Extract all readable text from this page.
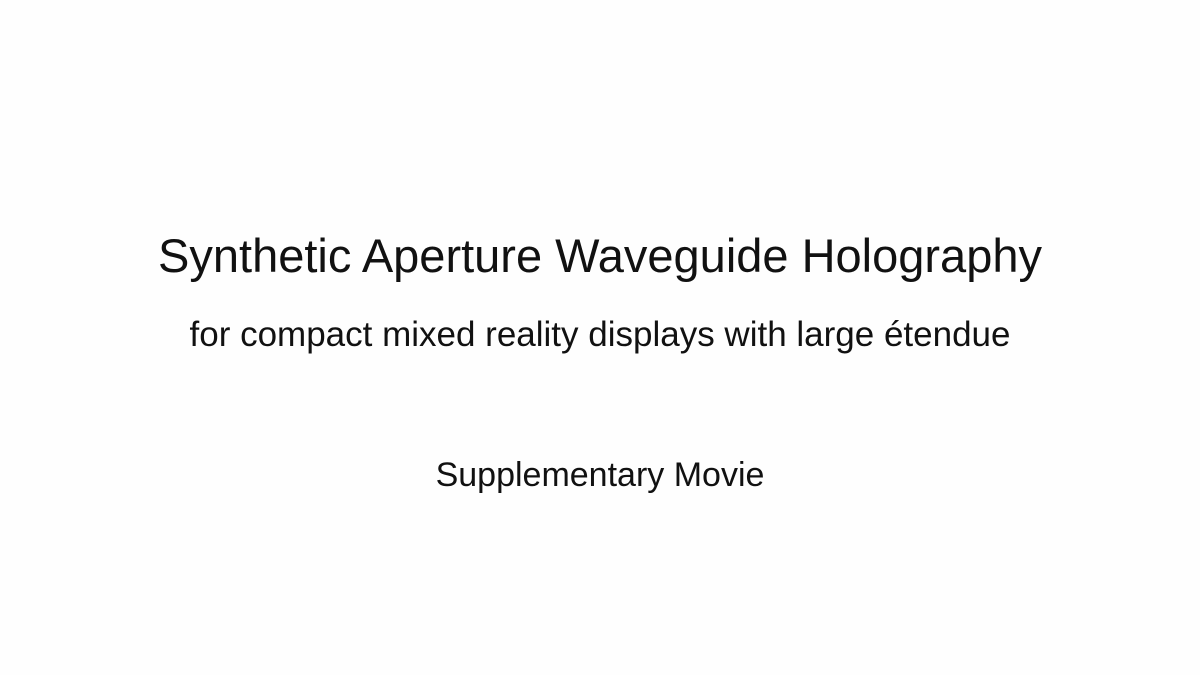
Synthetic Aperture Waveguide Holography
for compact mixed reality displays with large étendue
Supplementary Movie
